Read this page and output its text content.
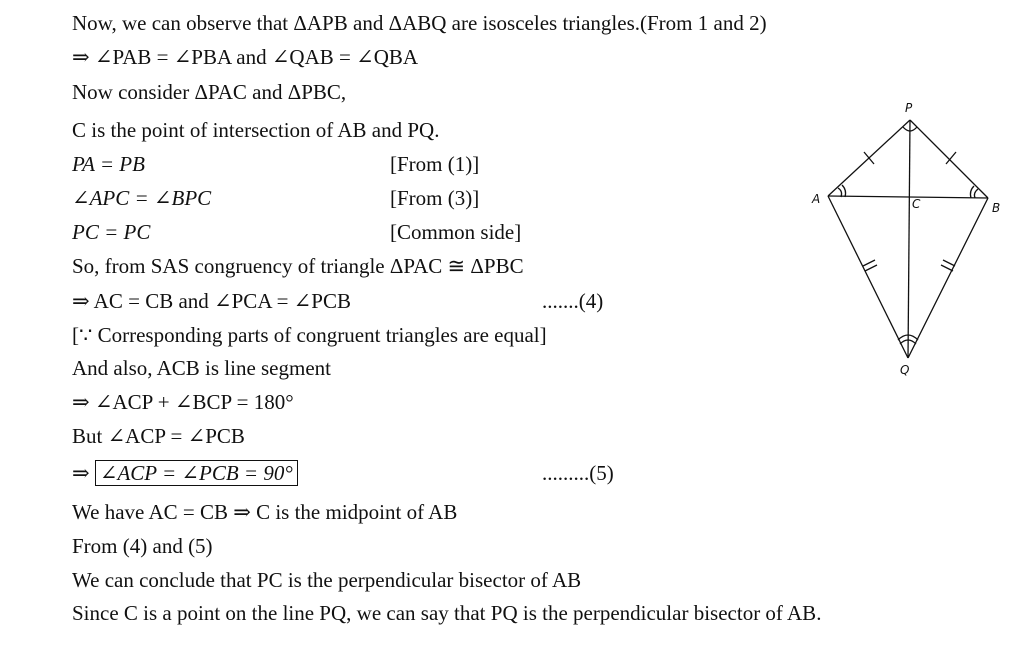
Now, we can observe that ΔAPB and ΔABQ are isosceles triangles.(From 1 and 2)
⇒ ∠PAB = ∠PBA and ∠QAB = ∠QBA
Now consider ΔPAC and ΔPBC,
C is the point of intersection of AB and PQ.
PA = PB	[From (1)]
∠APC = ∠BPC	[From (3)]
PC = PC	[Common side]
So, from SAS congruency of triangle ΔPAC ≅ ΔPBC
⇒ AC = CB and ∠PCA = ∠PCB	.......(4)
[∵ Corresponding parts of congruent triangles are equal]
And also, ACB is line segment
⇒ ∠ACP + ∠BCP = 180°
But ∠ACP = ∠PCB
⇒ ∠ACP = ∠PCB = 90°	.........(5)
We have AC = CB ⇒ C is the midpoint of AB
From (4) and (5)
We can conclude that PC is the perpendicular bisector of AB
Since C is a point on the line PQ, we can say that PQ is the perpendicular bisector of AB.
P
A
B
C
Q
